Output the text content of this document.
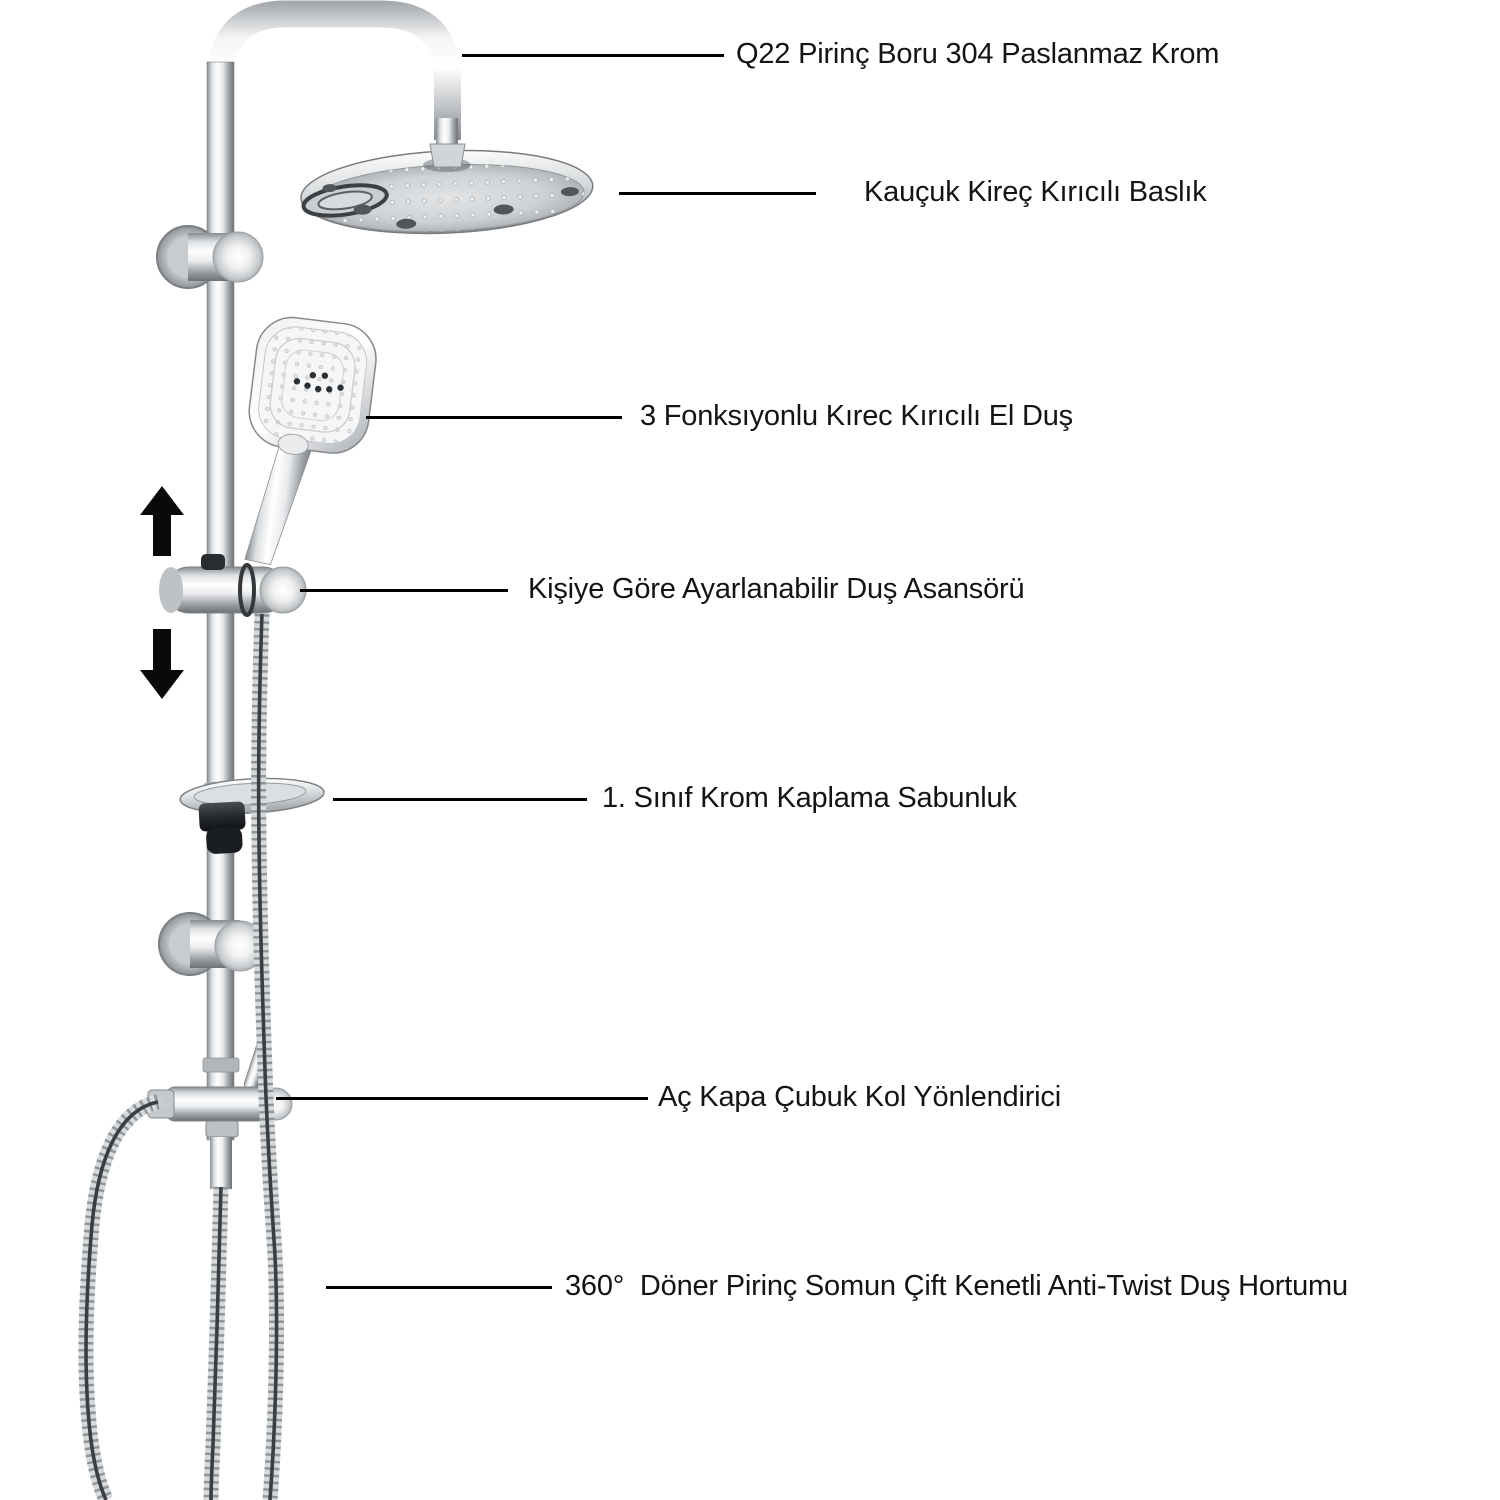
Q22 Pirinç Boru 304 Paslanmaz Krom
Kauçuk Kireç Kırıcılı Baslık
3 Fonksıyonlu Kırec Kırıcılı El Duş
Kişiye Göre Ayarlanabilir Duş Asansörü
1. Sınıf Krom Kaplama Sabunluk
Aç Kapa Çubuk Kol Yönlendirici
360°  Döner Pirinç Somun Çift Kenetli Anti-Twist Duş Hortumu
